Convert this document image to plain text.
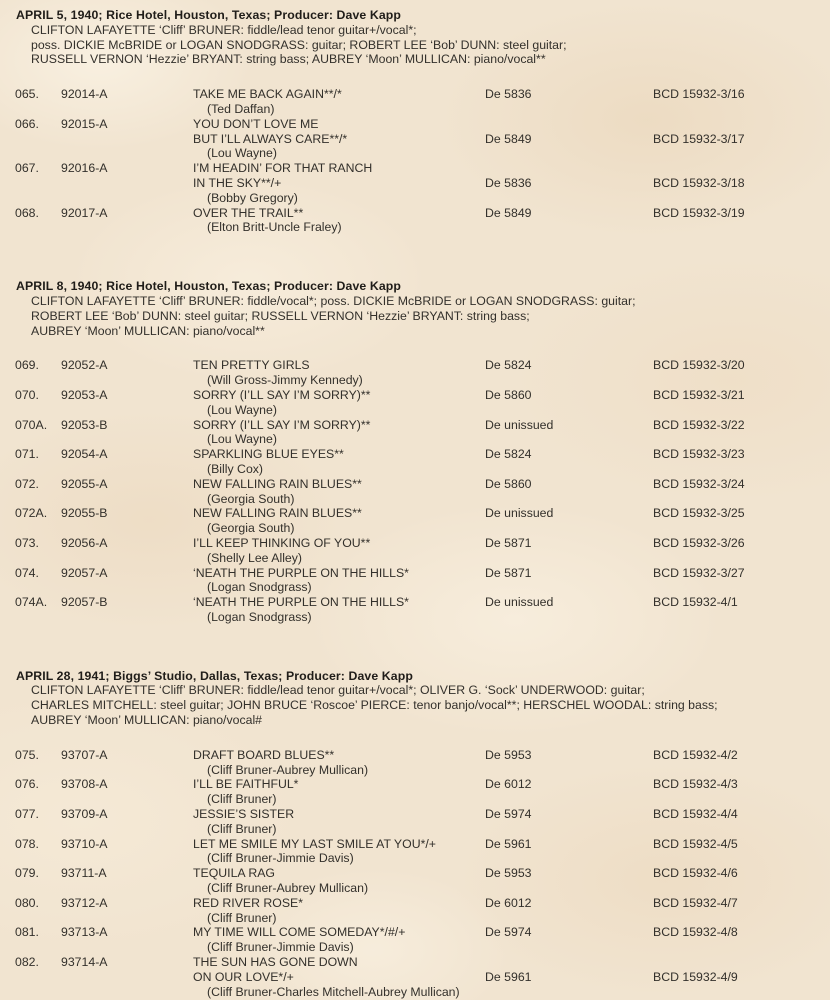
APRIL 5, 1940; Rice Hotel, Houston, Texas; Producer: Dave Kapp
CLIFTON LAFAYETTE ‘Cliff’ BRUNER: fiddle/lead tenor guitar+/vocal*;
poss. DICKIE McBRIDE or LOGAN SNODGRASS: guitar; ROBERT LEE ‘Bob’ DUNN: steel guitar;
RUSSELL VERNON ‘Hezzie’ BRYANT: string bass; AUBREY ‘Moon’ MULLICAN: piano/vocal**
065.	92014-A	TAKE ME BACK AGAIN**/*	De 5836	BCD 15932-3/16
(Ted Daffan)
066.	92015-A	YOU DON’T LOVE ME
BUT I’LL ALWAYS CARE**/*	De 5849	BCD 15932-3/17
(Lou Wayne)
067.	92016-A	I’M HEADIN’ FOR THAT RANCH
IN THE SKY**/+	De 5836	BCD 15932-3/18
(Bobby Gregory)
068.	92017-A	OVER THE TRAIL**	De 5849	BCD 15932-3/19
(Elton Britt-Uncle Fraley)
APRIL 8, 1940; Rice Hotel, Houston, Texas; Producer: Dave Kapp
CLIFTON LAFAYETTE ‘Cliff’ BRUNER: fiddle/vocal*; poss. DICKIE McBRIDE or LOGAN SNODGRASS: guitar;
ROBERT LEE ‘Bob’ DUNN: steel guitar; RUSSELL VERNON ‘Hezzie’ BRYANT: string bass;
AUBREY ‘Moon’ MULLICAN: piano/vocal**
069.	92052-A	TEN PRETTY GIRLS	De 5824	BCD 15932-3/20
(Will Gross-Jimmy Kennedy)
070.	92053-A	SORRY (I’LL SAY I’M SORRY)**	De 5860	BCD 15932-3/21
(Lou Wayne)
070A.	92053-B	SORRY (I’LL SAY I’M SORRY)**	De unissued	BCD 15932-3/22
(Lou Wayne)
071.	92054-A	SPARKLING BLUE EYES**	De 5824	BCD 15932-3/23
(Billy Cox)
072.	92055-A	NEW FALLING RAIN BLUES**	De 5860	BCD 15932-3/24
(Georgia South)
072A.	92055-B	NEW FALLING RAIN BLUES**	De unissued	BCD 15932-3/25
(Georgia South)
073.	92056-A	I’LL KEEP THINKING OF YOU**	De 5871	BCD 15932-3/26
(Shelly Lee Alley)
074.	92057-A	‘NEATH THE PURPLE ON THE HILLS*	De 5871	BCD 15932-3/27
(Logan Snodgrass)
074A.	92057-B	‘NEATH THE PURPLE ON THE HILLS*	De unissued	BCD 15932-4/1
(Logan Snodgrass)
APRIL 28, 1941; Biggs’ Studio, Dallas, Texas; Producer: Dave Kapp
CLIFTON LAFAYETTE ‘Cliff’ BRUNER: fiddle/lead tenor guitar+/vocal*; OLIVER G. ‘Sock’ UNDERWOOD: guitar;
CHARLES MITCHELL: steel guitar; JOHN BRUCE ‘Roscoe’ PIERCE: tenor banjo/vocal**; HERSCHEL WOODAL: string bass;
AUBREY ‘Moon’ MULLICAN: piano/vocal#
075.	93707-A	DRAFT BOARD BLUES**	De 5953	BCD 15932-4/2
(Cliff Bruner-Aubrey Mullican)
076.	93708-A	I’LL BE FAITHFUL*	De 6012	BCD 15932-4/3
(Cliff Bruner)
077.	93709-A	JESSIE’S SISTER	De 5974	BCD 15932-4/4
(Cliff Bruner)
078.	93710-A	LET ME SMILE MY LAST SMILE AT YOU*/+	De 5961	BCD 15932-4/5
(Cliff Bruner-Jimmie Davis)
079.	93711-A	TEQUILA RAG	De 5953	BCD 15932-4/6
(Cliff Bruner-Aubrey Mullican)
080.	93712-A	RED RIVER ROSE*	De 6012	BCD 15932-4/7
(Cliff Bruner)
081.	93713-A	MY TIME WILL COME SOMEDAY*/#/+	De 5974	BCD 15932-4/8
(Cliff Bruner-Jimmie Davis)
082.	93714-A	THE SUN HAS GONE DOWN
ON OUR LOVE*/+	De 5961	BCD 15932-4/9
(Cliff Bruner-Charles Mitchell-Aubrey Mullican)
